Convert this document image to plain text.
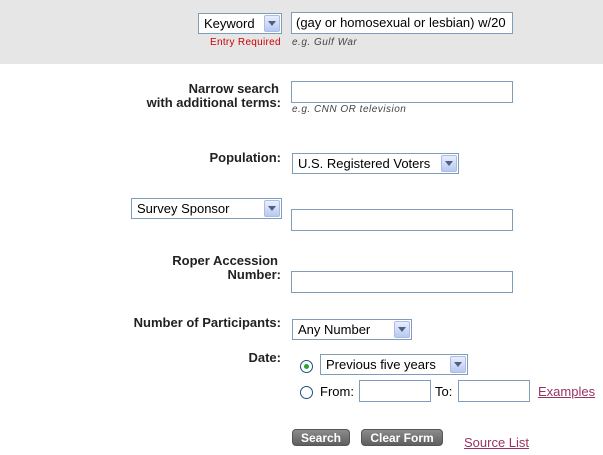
Keyword	(gay or homosexual or lesbian) w/20
Entry Required e.g. Gulf War
Narrow search
with additional terms: e.g. CNN OR television
Population: U.S. Registered Voters
Survey Sponsor
Roper Accession
Number:
Number of Participants: Any Number
Date:	Previous five years
From:	To:	Examples
Search	Clear Form	Source List
